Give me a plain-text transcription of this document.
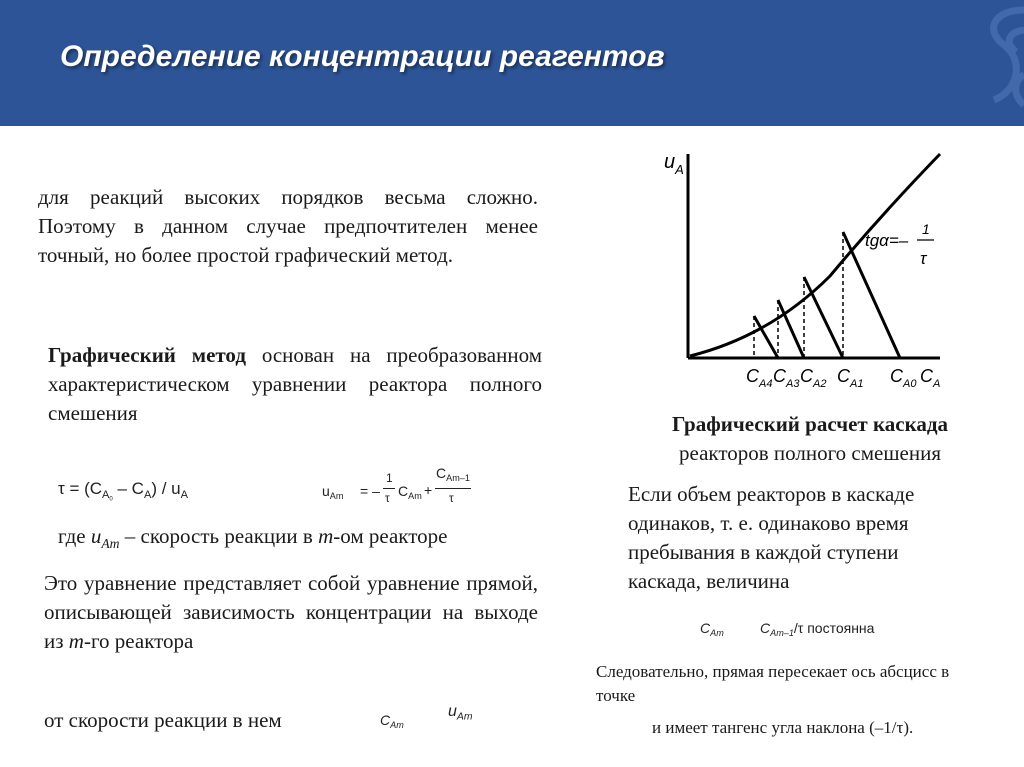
Определение концентрации реагентов

для реакций высоких порядков весьма сложно. Поэтому в данном случае предпочтителен менее точный, но более простой графический метод.

Графический метод основан на преобразованном характеристическом уравнении реактора полного смешения

$\tau = (C_{A_0} - C_A) / u_A$	$u_{Am}$ = –
1
τ $C_{Am}$ +
$C_{Am-1}$
τ

где $u_{Am}$ – скорость реакции в m-ом реакторе

Это уравнение представляет собой уравнение прямой, описывающей зависимость концентрации на выходе из m-го реактора

от скорости реакции в нем	$C_{Am}$
$u_{Am}$
$u_A$
tgα=–
1
τ
$C_{A4}$ $C_{A3}$ $C_{A2}$ $C_{A1}$ $C_{A0}$ $C_A$
Графический расчет каскада
реакторов полного смешения

Если объем реакторов в каскаде одинаков, т. е. одинаково время пребывания в каждой ступени каскада, величина

$C_{Am}$	$C_{Am-1}/\tau$ постоянна

Следовательно, прямая пересекает ось абсцисс в точке

и имеет тангенс угла наклона (–1/τ).
